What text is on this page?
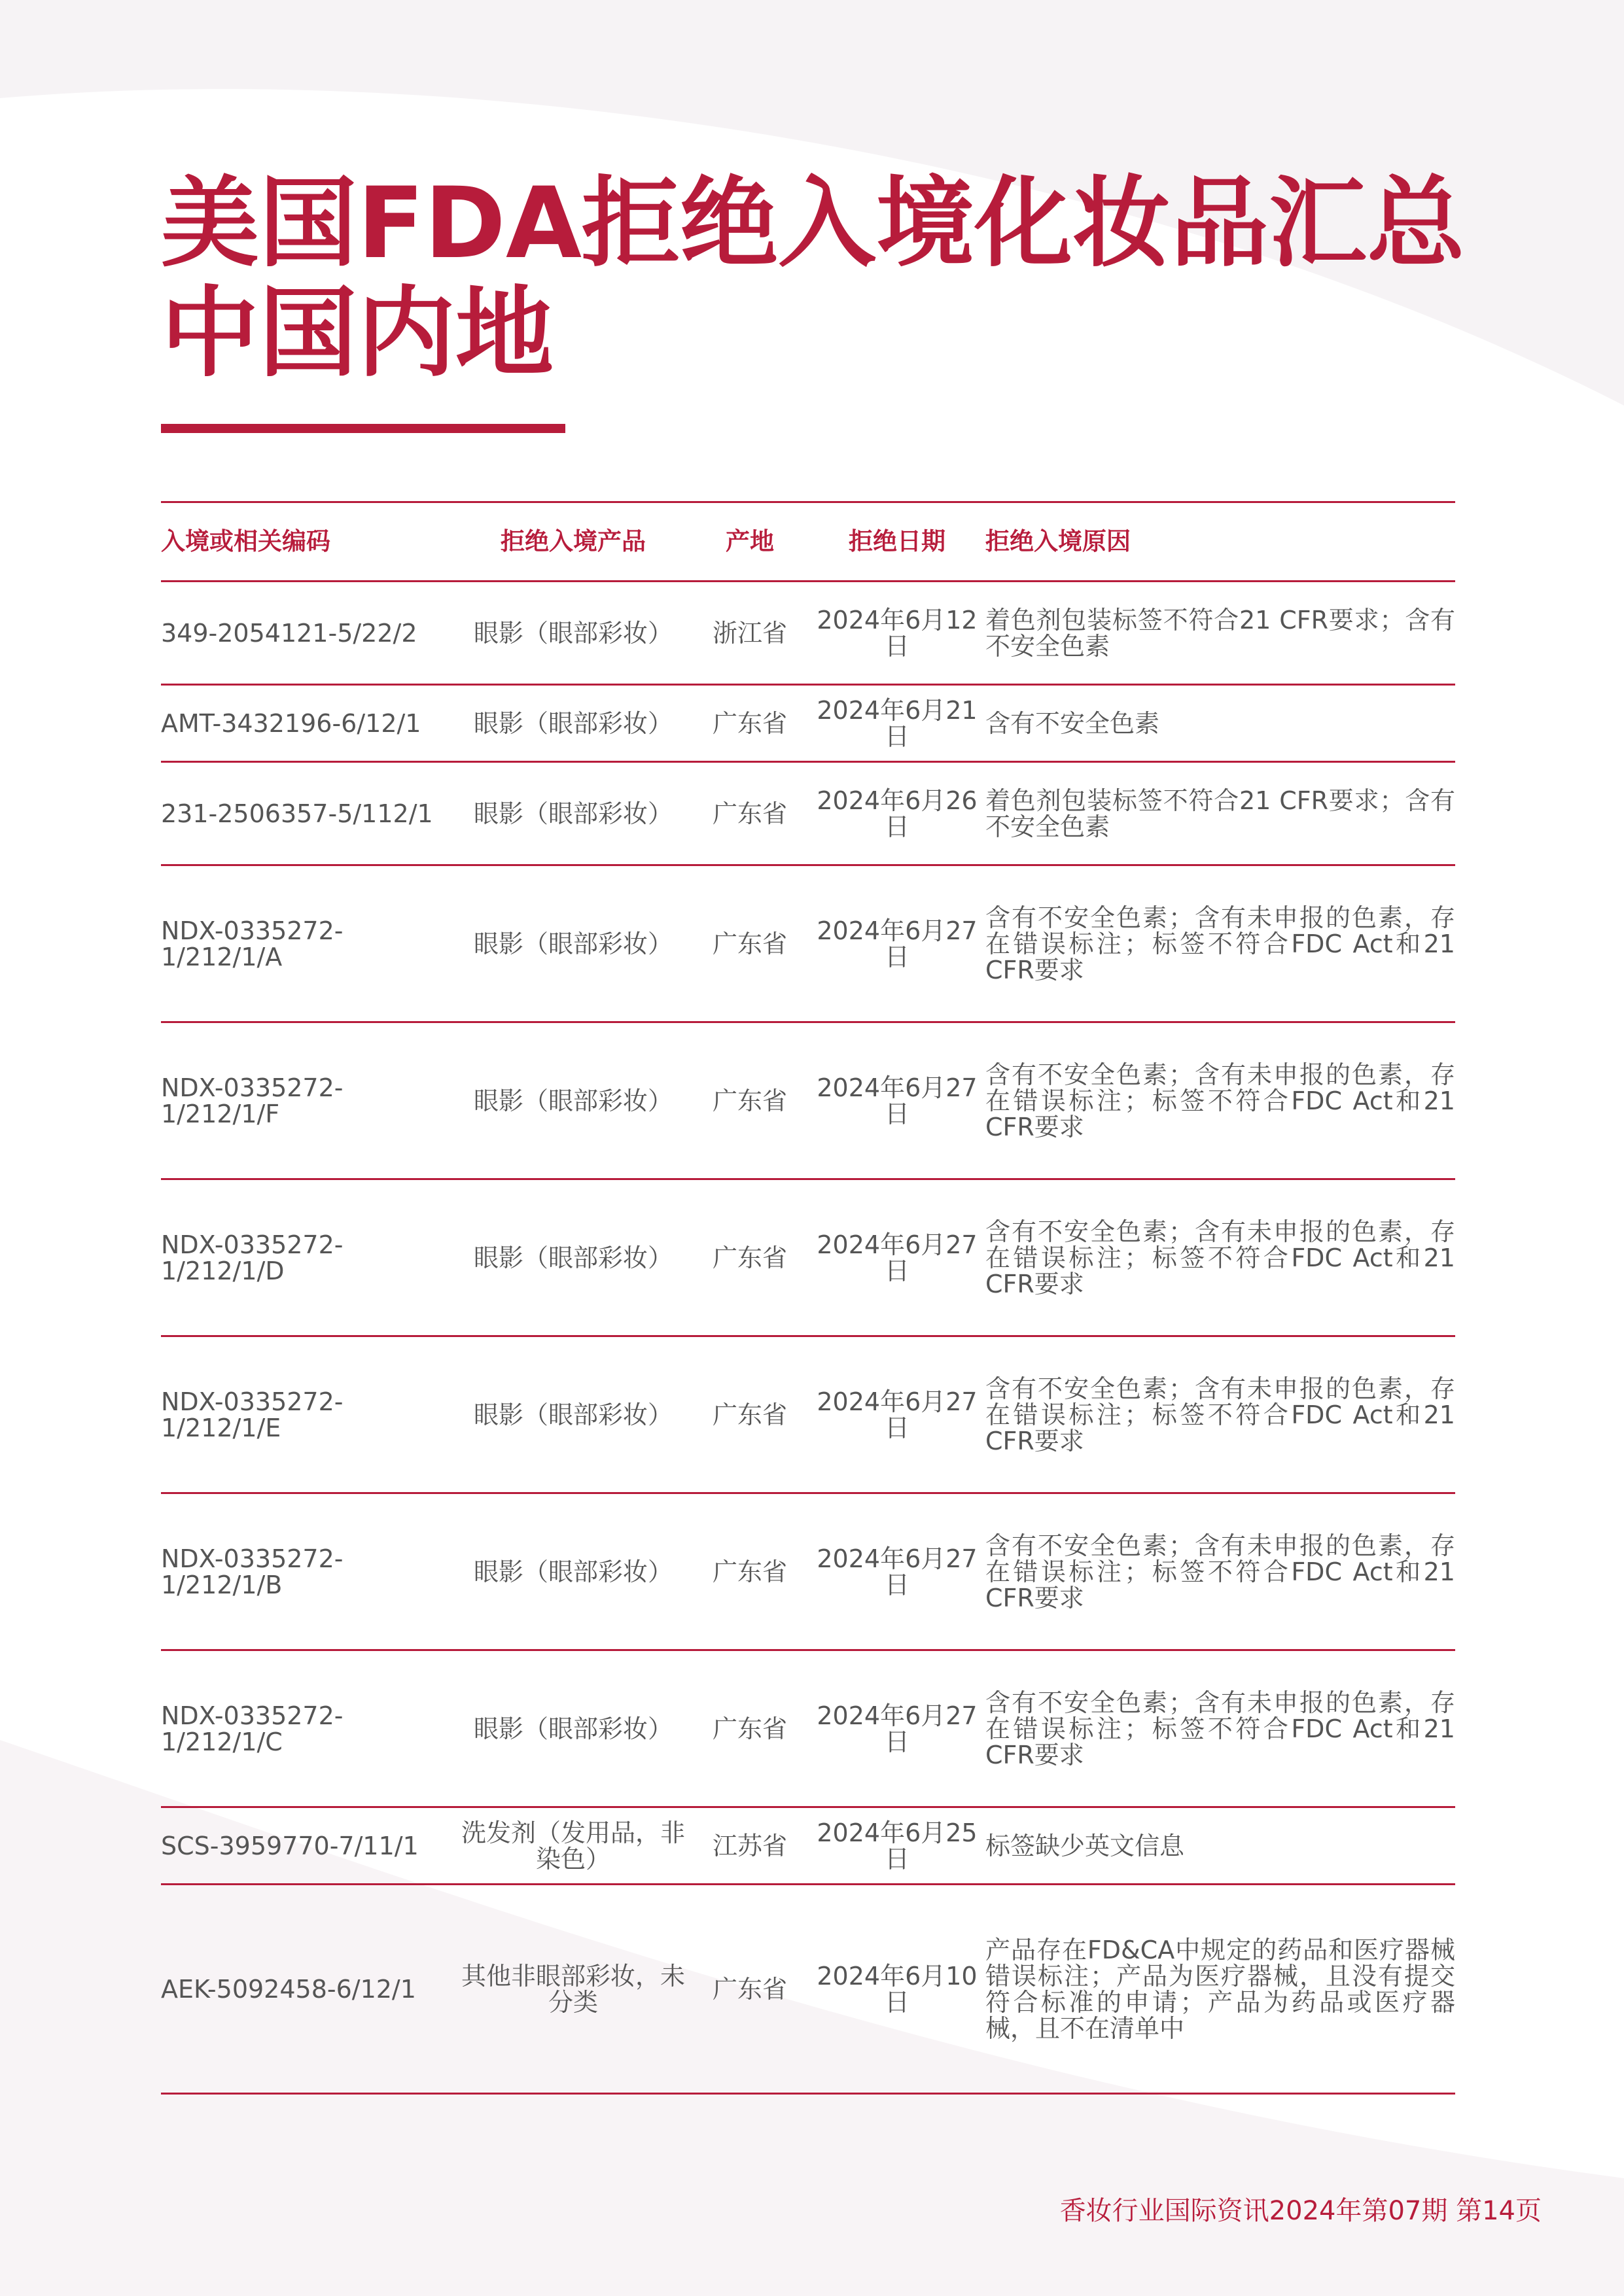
美国FDA拒绝入境化妆品汇总
中国内地
入境或相关编码	拒绝入境产品	产地	拒绝日期	拒绝入境原因
349-2054121-5/22/2	眼影（眼部彩妆）	浙江省	2024年6月12日	着色剂包装标签不符合21 CFR要求；含有不安全色素
AMT-3432196-6/12/1	眼影（眼部彩妆）	广东省	2024年6月21日	含有不安全色素
231-2506357-5/112/1	眼影（眼部彩妆）	广东省	2024年6月26日	着色剂包装标签不符合21 CFR要求；含有不安全色素
NDX-0335272-1/212/1/A	眼影（眼部彩妆）	广东省	2024年6月27日	含有不安全色素；含有未申报的色素，存在错误标注；标签不符合FDC Act和21 CFR要求
NDX-0335272-1/212/1/F	眼影（眼部彩妆）	广东省	2024年6月27日	含有不安全色素；含有未申报的色素，存在错误标注；标签不符合FDC Act和21 CFR要求
NDX-0335272-1/212/1/D	眼影（眼部彩妆）	广东省	2024年6月27日	含有不安全色素；含有未申报的色素，存在错误标注；标签不符合FDC Act和21 CFR要求
NDX-0335272-1/212/1/E	眼影（眼部彩妆）	广东省	2024年6月27日	含有不安全色素；含有未申报的色素，存在错误标注；标签不符合FDC Act和21 CFR要求
NDX-0335272-1/212/1/B	眼影（眼部彩妆）	广东省	2024年6月27日	含有不安全色素；含有未申报的色素，存在错误标注；标签不符合FDC Act和21 CFR要求
NDX-0335272-1/212/1/C	眼影（眼部彩妆）	广东省	2024年6月27日	含有不安全色素；含有未申报的色素，存在错误标注；标签不符合FDC Act和21 CFR要求
SCS-3959770-7/11/1	洗发剂（发用品，非染色）	江苏省	2024年6月25日	标签缺少英文信息
AEK-5092458-6/12/1	其他非眼部彩妆，未分类	广东省	2024年6月10日	产品存在FD&CA中规定的药品和医疗器械错误标注；产品为医疗器械，且没有提交符合标准的申请；产品为药品或医疗器械，且不在清单中
香妆行业国际资讯2024年第07期 第14页
